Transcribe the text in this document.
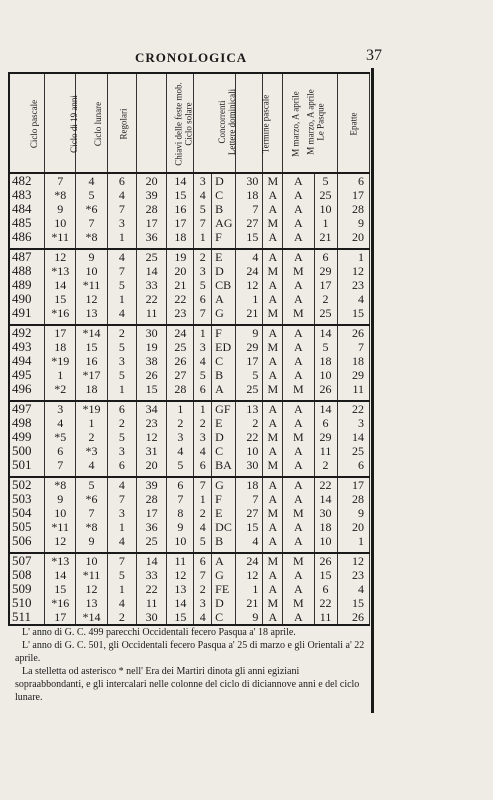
CRONOLOGICA	37
Ciclo pascale	Ciclo di 19 anni	Ciclo lunare	Regolari	Chiavi delle feste mob.	Ciclo solare	Concorrenti
Lettere dominicali		Termine pascale	M marzo, A aprile	M marzo, A aprile
Le Pasque		Epatte
482	7	4	6	20	14	3	D	30	M	A	5	6
483	*8	5	4	39	15	4	C	18	A	A	25	17
484	9	*6	7	28	16	5	B	7	A	A	10	28
485	10	7	3	17	17	7	AG	27	M	A	1	9
486	*11	*8	1	36	18	1	F	15	A	A	21	20

487	12	9	4	25	19	2	E	4	A	A	6	1
488	*13	10	7	14	20	3	D	24	M	M	29	12
489	14	*11	5	33	21	5	CB	12	A	A	17	23
490	15	12	1	22	22	6	A	1	A	A	2	4
491	*16	13	4	11	23	7	G	21	M	M	25	15

492	17	*14	2	30	24	1	F	9	A	A	14	26
493	18	15	5	19	25	3	ED	29	M	A	5	7
494	*19	16	3	38	26	4	C	17	A	A	18	18
495	1	*17	5	26	27	5	B	5	A	A	10	29
496	*2	18	1	15	28	6	A	25	M	M	26	11

497	3	*19	6	34	1	1	GF	13	A	A	14	22
498	4	1	2	23	2	2	E	2	A	A	6	3
499	*5	2	5	12	3	3	D	22	M	M	29	14
500	6	*3	3	31	4	4	C	10	A	A	11	25
501	7	4	6	20	5	6	BA	30	M	A	2	6

502	*8	5	4	39	6	7	G	18	A	A	22	17
503	9	*6	7	28	7	1	F	7	A	A	14	28
504	10	7	3	17	8	2	E	27	M	M	30	9
505	*11	*8	1	36	9	4	DC	15	A	A	18	20
506	12	9	4	25	10	5	B	4	A	A	10	1

507	*13	10	7	14	11	6	A	24	M	M	26	12
508	14	*11	5	33	12	7	G	12	A	A	15	23
509	15	12	1	22	13	2	FE	1	A	A	6	4
510	*16	13	4	11	14	3	D	21	M	M	22	15
511	17	*14	2	30	15	4	C	9	A	A	11	26

L' anno di G. C. 499 parecchi Occidentali fecero Pasqua a' 18 aprile.

L' anno di G. C. 501, gli Occidentali fecero Pasqua a' 25 di marzo e gli Orientali a' 22 aprile.

La stelletta od asterisco * nell' Era dei Martiri dinota gli anni egiziani sopraabbondanti, e gli intercalari nelle colonne del ciclo di diciannove anni e del ciclo lunare.
